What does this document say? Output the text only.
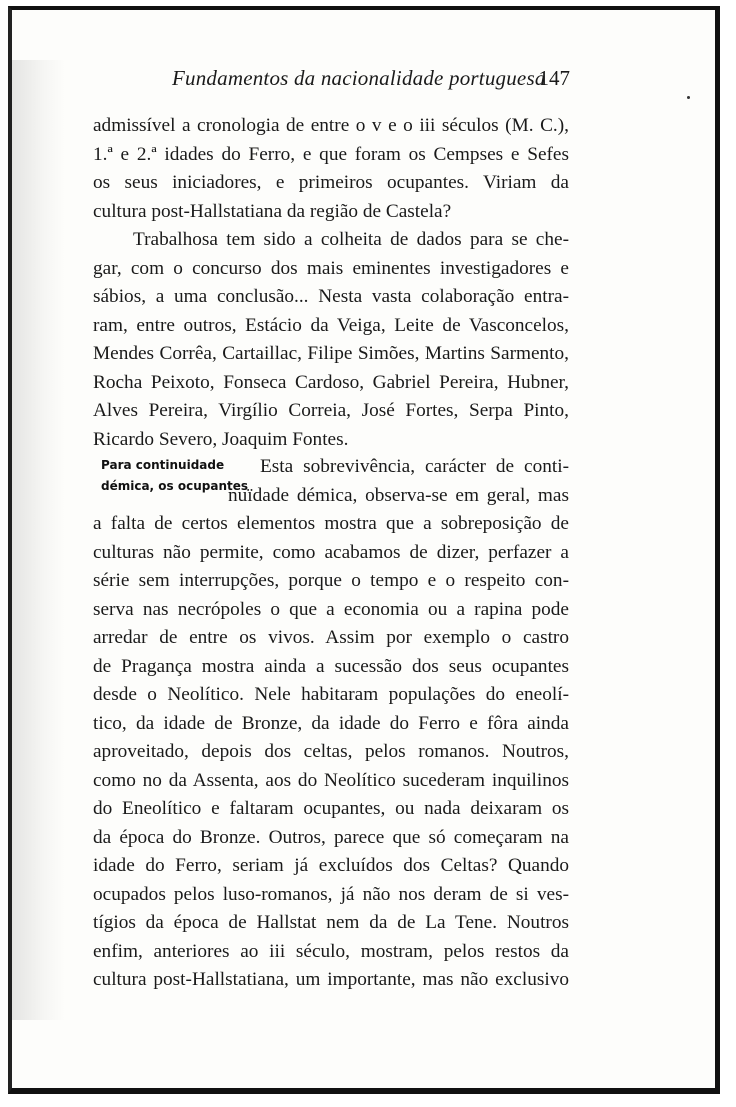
Fundamentos da nacionalidade portuguesa
147
admissível a cronologia de entre o v e o iii séculos (M. C.),
1.ª e 2.ª idades do Ferro, e que foram os Cempses e Sefes
os seus iniciadores, e primeiros ocupantes. Viriam da
cultura post-Hallstatiana da região de Castela?
Trabalhosa tem sido a colheita de dados para se che-
gar, com o concurso dos mais eminentes investigadores e
sábios, a uma conclusão... Nesta vasta colaboração entra-
ram, entre outros, Estácio da Veiga, Leite de Vasconcelos,
Mendes Corrêa, Cartaillac, Filipe Simões, Martins Sarmento,
Rocha Peixoto, Fonseca Cardoso, Gabriel Pereira, Hubner,
Alves Pereira, Virgílio Correia, José Fortes, Serpa Pinto,
Ricardo Severo, Joaquim Fontes.
Para continuidade
démica, os ocupantes
Esta sobrevivência, carácter de conti-
nuïdade démica, observa-se em geral, mas
a falta de certos elementos mostra que a sobreposição de
culturas não permite, como acabamos de dizer, perfazer a
série sem interrupções, porque o tempo e o respeito con-
serva nas necrópoles o que a economia ou a rapina pode
arredar de entre os vivos. Assim por exemplo o castro
de Pragança mostra ainda a sucessão dos seus ocupantes
desde o Neolítico. Nele habitaram populações do eneolí-
tico, da idade de Bronze, da idade do Ferro e fôra ainda
aproveitado, depois dos celtas, pelos romanos. Noutros,
como no da Assenta, aos do Neolítico sucederam inquilinos
do Eneolítico e faltaram ocupantes, ou nada deixaram os
da época do Bronze. Outros, parece que só começaram na
idade do Ferro, seriam já excluídos dos Celtas? Quando
ocupados pelos luso-romanos, já não nos deram de si ves-
tígios da época de Hallstat nem da de La Tene. Noutros
enfim, anteriores ao iii século, mostram, pelos restos da
cultura post-Hallstatiana, um importante, mas não exclusivo
